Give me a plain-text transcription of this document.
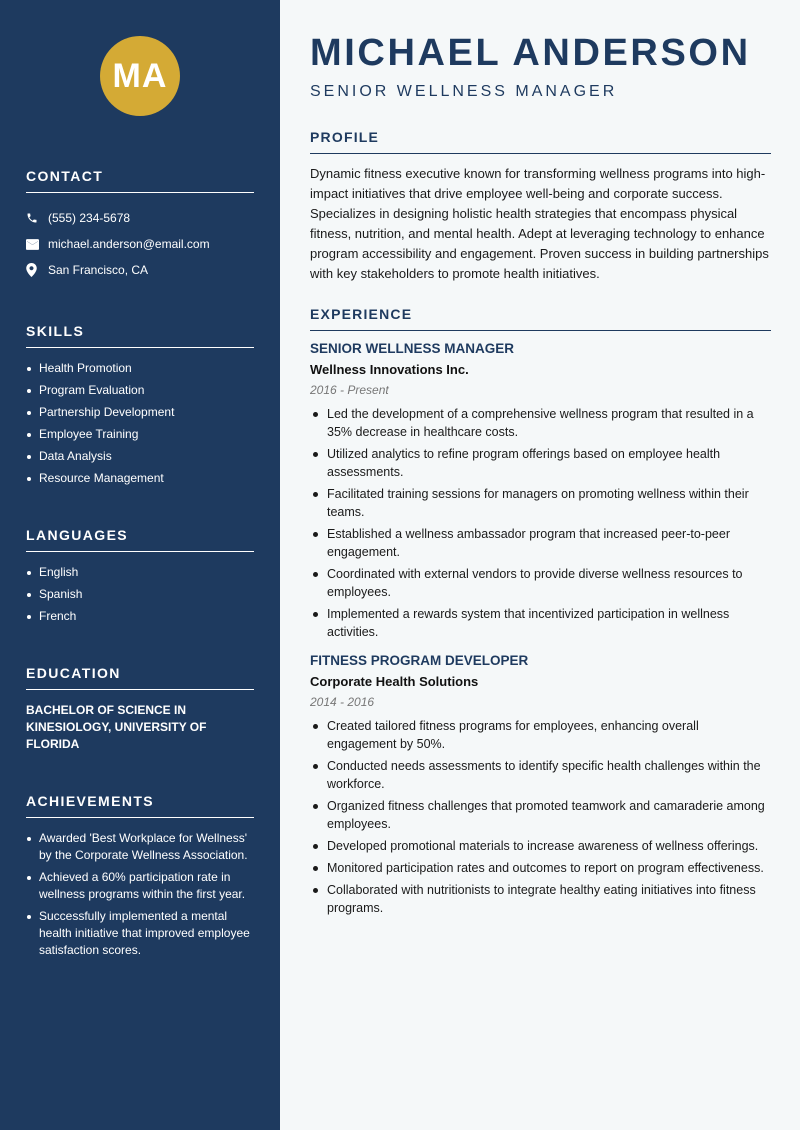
MA
CONTACT
(555) 234-5678
michael.anderson@email.com
San Francisco, CA
SKILLS
Health Promotion
Program Evaluation
Partnership Development
Employee Training
Data Analysis
Resource Management
LANGUAGES
English
Spanish
French
EDUCATION
BACHELOR OF SCIENCE IN KINESIOLOGY, UNIVERSITY OF FLORIDA
ACHIEVEMENTS
Awarded 'Best Workplace for Wellness' by the Corporate Wellness Association.
Achieved a 60% participation rate in wellness programs within the first year.
Successfully implemented a mental health initiative that improved employee satisfaction scores.
MICHAEL ANDERSON
SENIOR WELLNESS MANAGER
PROFILE

Dynamic fitness executive known for transforming wellness programs into high-impact initiatives that drive employee well-being and corporate success. Specializes in designing holistic health strategies that encompass physical fitness, nutrition, and mental health. Adept at leveraging technology to enhance program accessibility and engagement. Proven success in building partnerships with key stakeholders to promote health initiatives.

EXPERIENCE
SENIOR WELLNESS MANAGER
Wellness Innovations Inc.
2016 - Present
Led the development of a comprehensive wellness program that resulted in a 35% decrease in healthcare costs.
Utilized analytics to refine program offerings based on employee health assessments.
Facilitated training sessions for managers on promoting wellness within their teams.
Established a wellness ambassador program that increased peer-to-peer engagement.
Coordinated with external vendors to provide diverse wellness resources to employees.
Implemented a rewards system that incentivized participation in wellness activities.
FITNESS PROGRAM DEVELOPER
Corporate Health Solutions
2014 - 2016
Created tailored fitness programs for employees, enhancing overall engagement by 50%.
Conducted needs assessments to identify specific health challenges within the workforce.
Organized fitness challenges that promoted teamwork and camaraderie among employees.
Developed promotional materials to increase awareness of wellness offerings.
Monitored participation rates and outcomes to report on program effectiveness.
Collaborated with nutritionists to integrate healthy eating initiatives into fitness programs.
